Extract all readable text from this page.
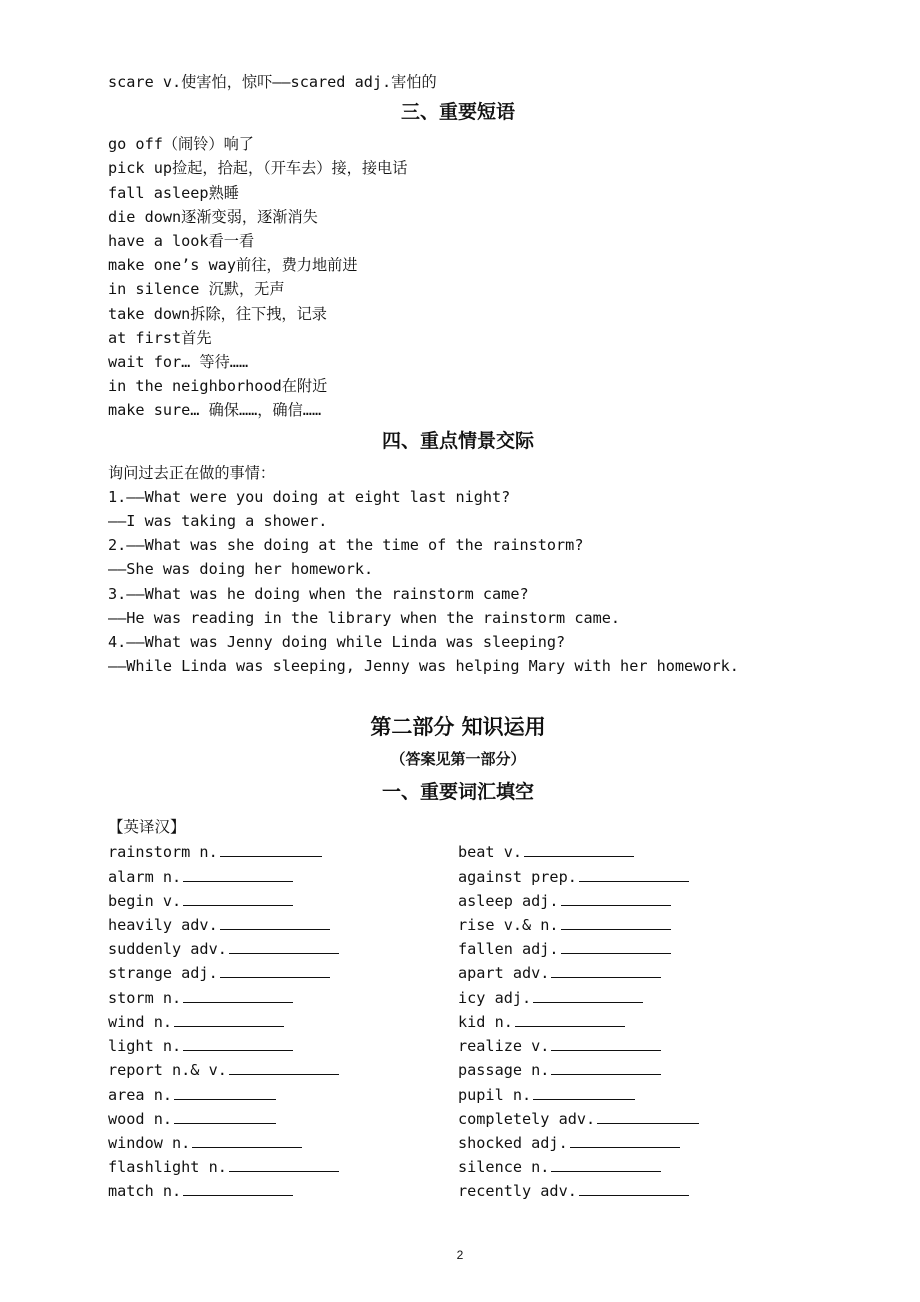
scare v.使害怕，惊吓——scared adj.害怕的
三、重要短语
go off（闹铃）响了
pick up捡起，拾起，（开车去）接，接电话
fall asleep熟睡
die down逐渐变弱，逐渐消失
have a look看一看
make one’s way前往，费力地前进
in silence 沉默，无声
take down拆除，往下拽，记录
at first首先
wait for… 等待……
in the neighborhood在附近
make sure… 确保……，确信……
四、重点情景交际
询问过去正在做的事情：
1.——What were you doing at eight last night?
——I was taking a shower.
2.——What was she doing at the time of the rainstorm?
——She was doing her homework.
3.——What was he doing when the rainstorm came?
——He was reading in the library when the rainstorm came.
4.——What was Jenny doing while Linda was sleeping?
——While Linda was sleeping, Jenny was helping Mary with her homework.
第二部分 知识运用
（答案见第一部分）
一、重要词汇填空
【英译汉】
rainstorm n.
alarm n.
begin v.
heavily adv.
suddenly adv.
strange adj.
storm n.
wind n.
light n.
report n.& v.
area n.
wood n.
window n.
flashlight n.
match n.
beat v.
against prep.
asleep adj.
rise v.& n.
fallen adj.
apart adv.
icy adj.
kid n.
realize v.
passage n.
pupil n.
completely adv.
shocked adj.
silence n.
recently adv.
2
